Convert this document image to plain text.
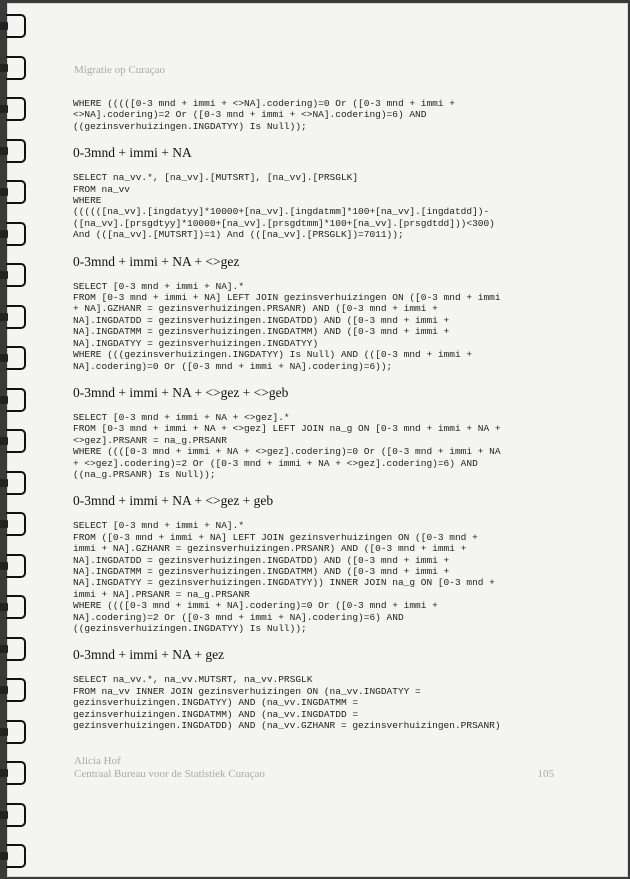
Migratie op Curaçao
WHERE (((([0-3 mnd + immi + <>NA].codering)=0 Or ([0-3 mnd + immi +
<>NA].codering)=2 Or ([0-3 mnd + immi + <>NA].codering)=6) AND
((gezinsverhuizingen.INGDATYY) Is Null));
0-3mnd + immi + NA
SELECT na_vv.*, [na_vv].[MUTSRT], [na_vv].[PRSGLK]
FROM na_vv
WHERE
((((([na_vv].[ingdatyy]*10000+[na_vv].[ingdatmm]*100+[na_vv].[ingdatdd])-
([na_vv].[prsgdtyy]*10000+[na_vv].[prsgdtmm]*100+[na_vv].[prsgdtdd]))<300)
And (([na_vv].[MUTSRT])=1) And (([na_vv].[PRSGLK])=7011));
0-3mnd + immi + NA + <>gez
SELECT [0-3 mnd + immi + NA].*
FROM [0-3 mnd + immi + NA] LEFT JOIN gezinsverhuizingen ON ([0-3 mnd + immi
+ NA].GZHANR = gezinsverhuizingen.PRSANR) AND ([0-3 mnd + immi +
NA].INGDATDD = gezinsverhuizingen.INGDATDD) AND ([0-3 mnd + immi +
NA].INGDATMM = gezinsverhuizingen.INGDATMM) AND ([0-3 mnd + immi +
NA].INGDATYY = gezinsverhuizingen.INGDATYY)
WHERE (((gezinsverhuizingen.INGDATYY) Is Null) AND (([0-3 mnd + immi +
NA].codering)=0 Or ([0-3 mnd + immi + NA].codering)=6));
0-3mnd + immi + NA + <>gez + <>geb
SELECT [0-3 mnd + immi + NA + <>gez].*
FROM [0-3 mnd + immi + NA + <>gez] LEFT JOIN na_g ON [0-3 mnd + immi + NA +
<>gez].PRSANR = na_g.PRSANR
WHERE ((([0-3 mnd + immi + NA + <>gez].codering)=0 Or ([0-3 mnd + immi + NA
+ <>gez].codering)=2 Or ([0-3 mnd + immi + NA + <>gez].codering)=6) AND
((na_g.PRSANR) Is Null));
0-3mnd + immi + NA + <>gez + geb
SELECT [0-3 mnd + immi + NA].*
FROM ([0-3 mnd + immi + NA] LEFT JOIN gezinsverhuizingen ON ([0-3 mnd +
immi + NA].GZHANR = gezinsverhuizingen.PRSANR) AND ([0-3 mnd + immi +
NA].INGDATDD = gezinsverhuizingen.INGDATDD) AND ([0-3 mnd + immi +
NA].INGDATMM = gezinsverhuizingen.INGDATMM) AND ([0-3 mnd + immi +
NA].INGDATYY = gezinsverhuizingen.INGDATYY)) INNER JOIN na_g ON [0-3 mnd +
immi + NA].PRSANR = na_g.PRSANR
WHERE ((([0-3 mnd + immi + NA].codering)=0 Or ([0-3 mnd + immi +
NA].codering)=2 Or ([0-3 mnd + immi + NA].codering)=6) AND
((gezinsverhuizingen.INGDATYY) Is Null));
0-3mnd + immi + NA + gez
SELECT na_vv.*, na_vv.MUTSRT, na_vv.PRSGLK
FROM na_vv INNER JOIN gezinsverhuizingen ON (na_vv.INGDATYY =
gezinsverhuizingen.INGDATYY) AND (na_vv.INGDATMM =
gezinsverhuizingen.INGDATMM) AND (na_vv.INGDATDD =
gezinsverhuizingen.INGDATDD) AND (na_vv.GZHANR = gezinsverhuizingen.PRSANR)
Alicia Hof
Centraal Bureau voor de Statistiek Curaçao	105
